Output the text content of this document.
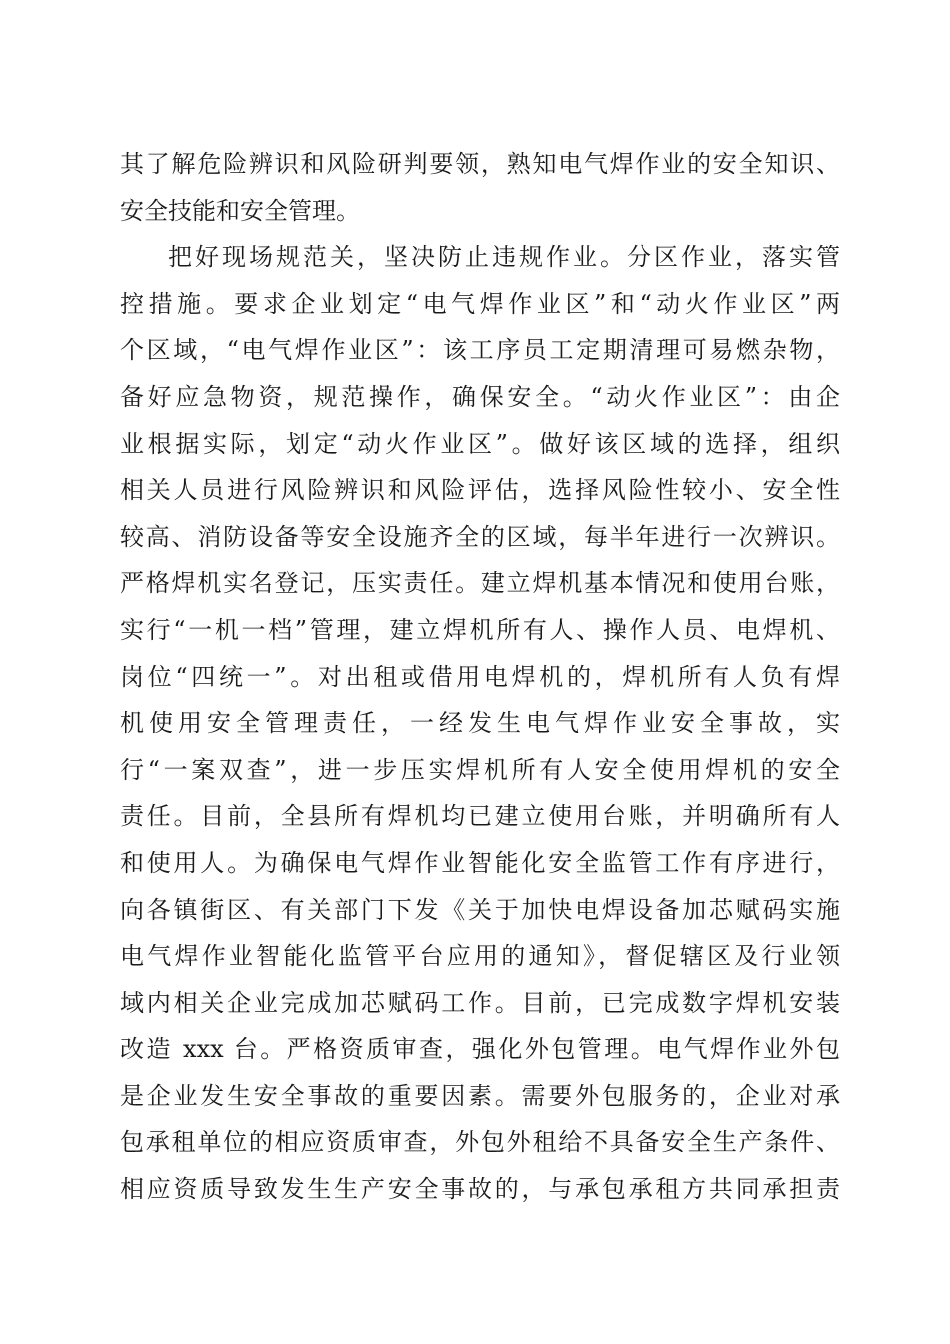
其了解危险辨识和风险研判要领，熟知电气焊作业的安全知识、
安全技能和安全管理。
把好现场规范关，坚决防止违规作业。分区作业，落实管
控措施。要求企业划定“电气焊作业区”和“动火作业区”两
个区域，“电气焊作业区”：该工序员工定期清理可易燃杂物，
备好应急物资，规范操作，确保安全。“动火作业区”：由企
业根据实际，划定“动火作业区”。做好该区域的选择，组织
相关人员进行风险辨识和风险评估，选择风险性较小、安全性
较高、消防设备等安全设施齐全的区域，每半年进行一次辨识。
严格焊机实名登记，压实责任。建立焊机基本情况和使用台账，
实行“一机一档”管理，建立焊机所有人、操作人员、电焊机、
岗位“四统一”。对出租或借用电焊机的，焊机所有人负有焊
机使用安全管理责任，一经发生电气焊作业安全事故，实
行“一案双查”，进一步压实焊机所有人安全使用焊机的安全
责任。目前，全县所有焊机均已建立使用台账，并明确所有人
和使用人。为确保电气焊作业智能化安全监管工作有序进行，
向各镇街区、有关部门下发《关于加快电焊设备加芯赋码实施
电气焊作业智能化监管平台应用的通知》，督促辖区及行业领
域内相关企业完成加芯赋码工作。目前，已完成数字焊机安装
改造 xxx 台。严格资质审查，强化外包管理。电气焊作业外包
是企业发生安全事故的重要因素。需要外包服务的，企业对承
包承租单位的相应资质审查，外包外租给不具备安全生产条件、
相应资质导致发生生产安全事故的，与承包承租方共同承担责
